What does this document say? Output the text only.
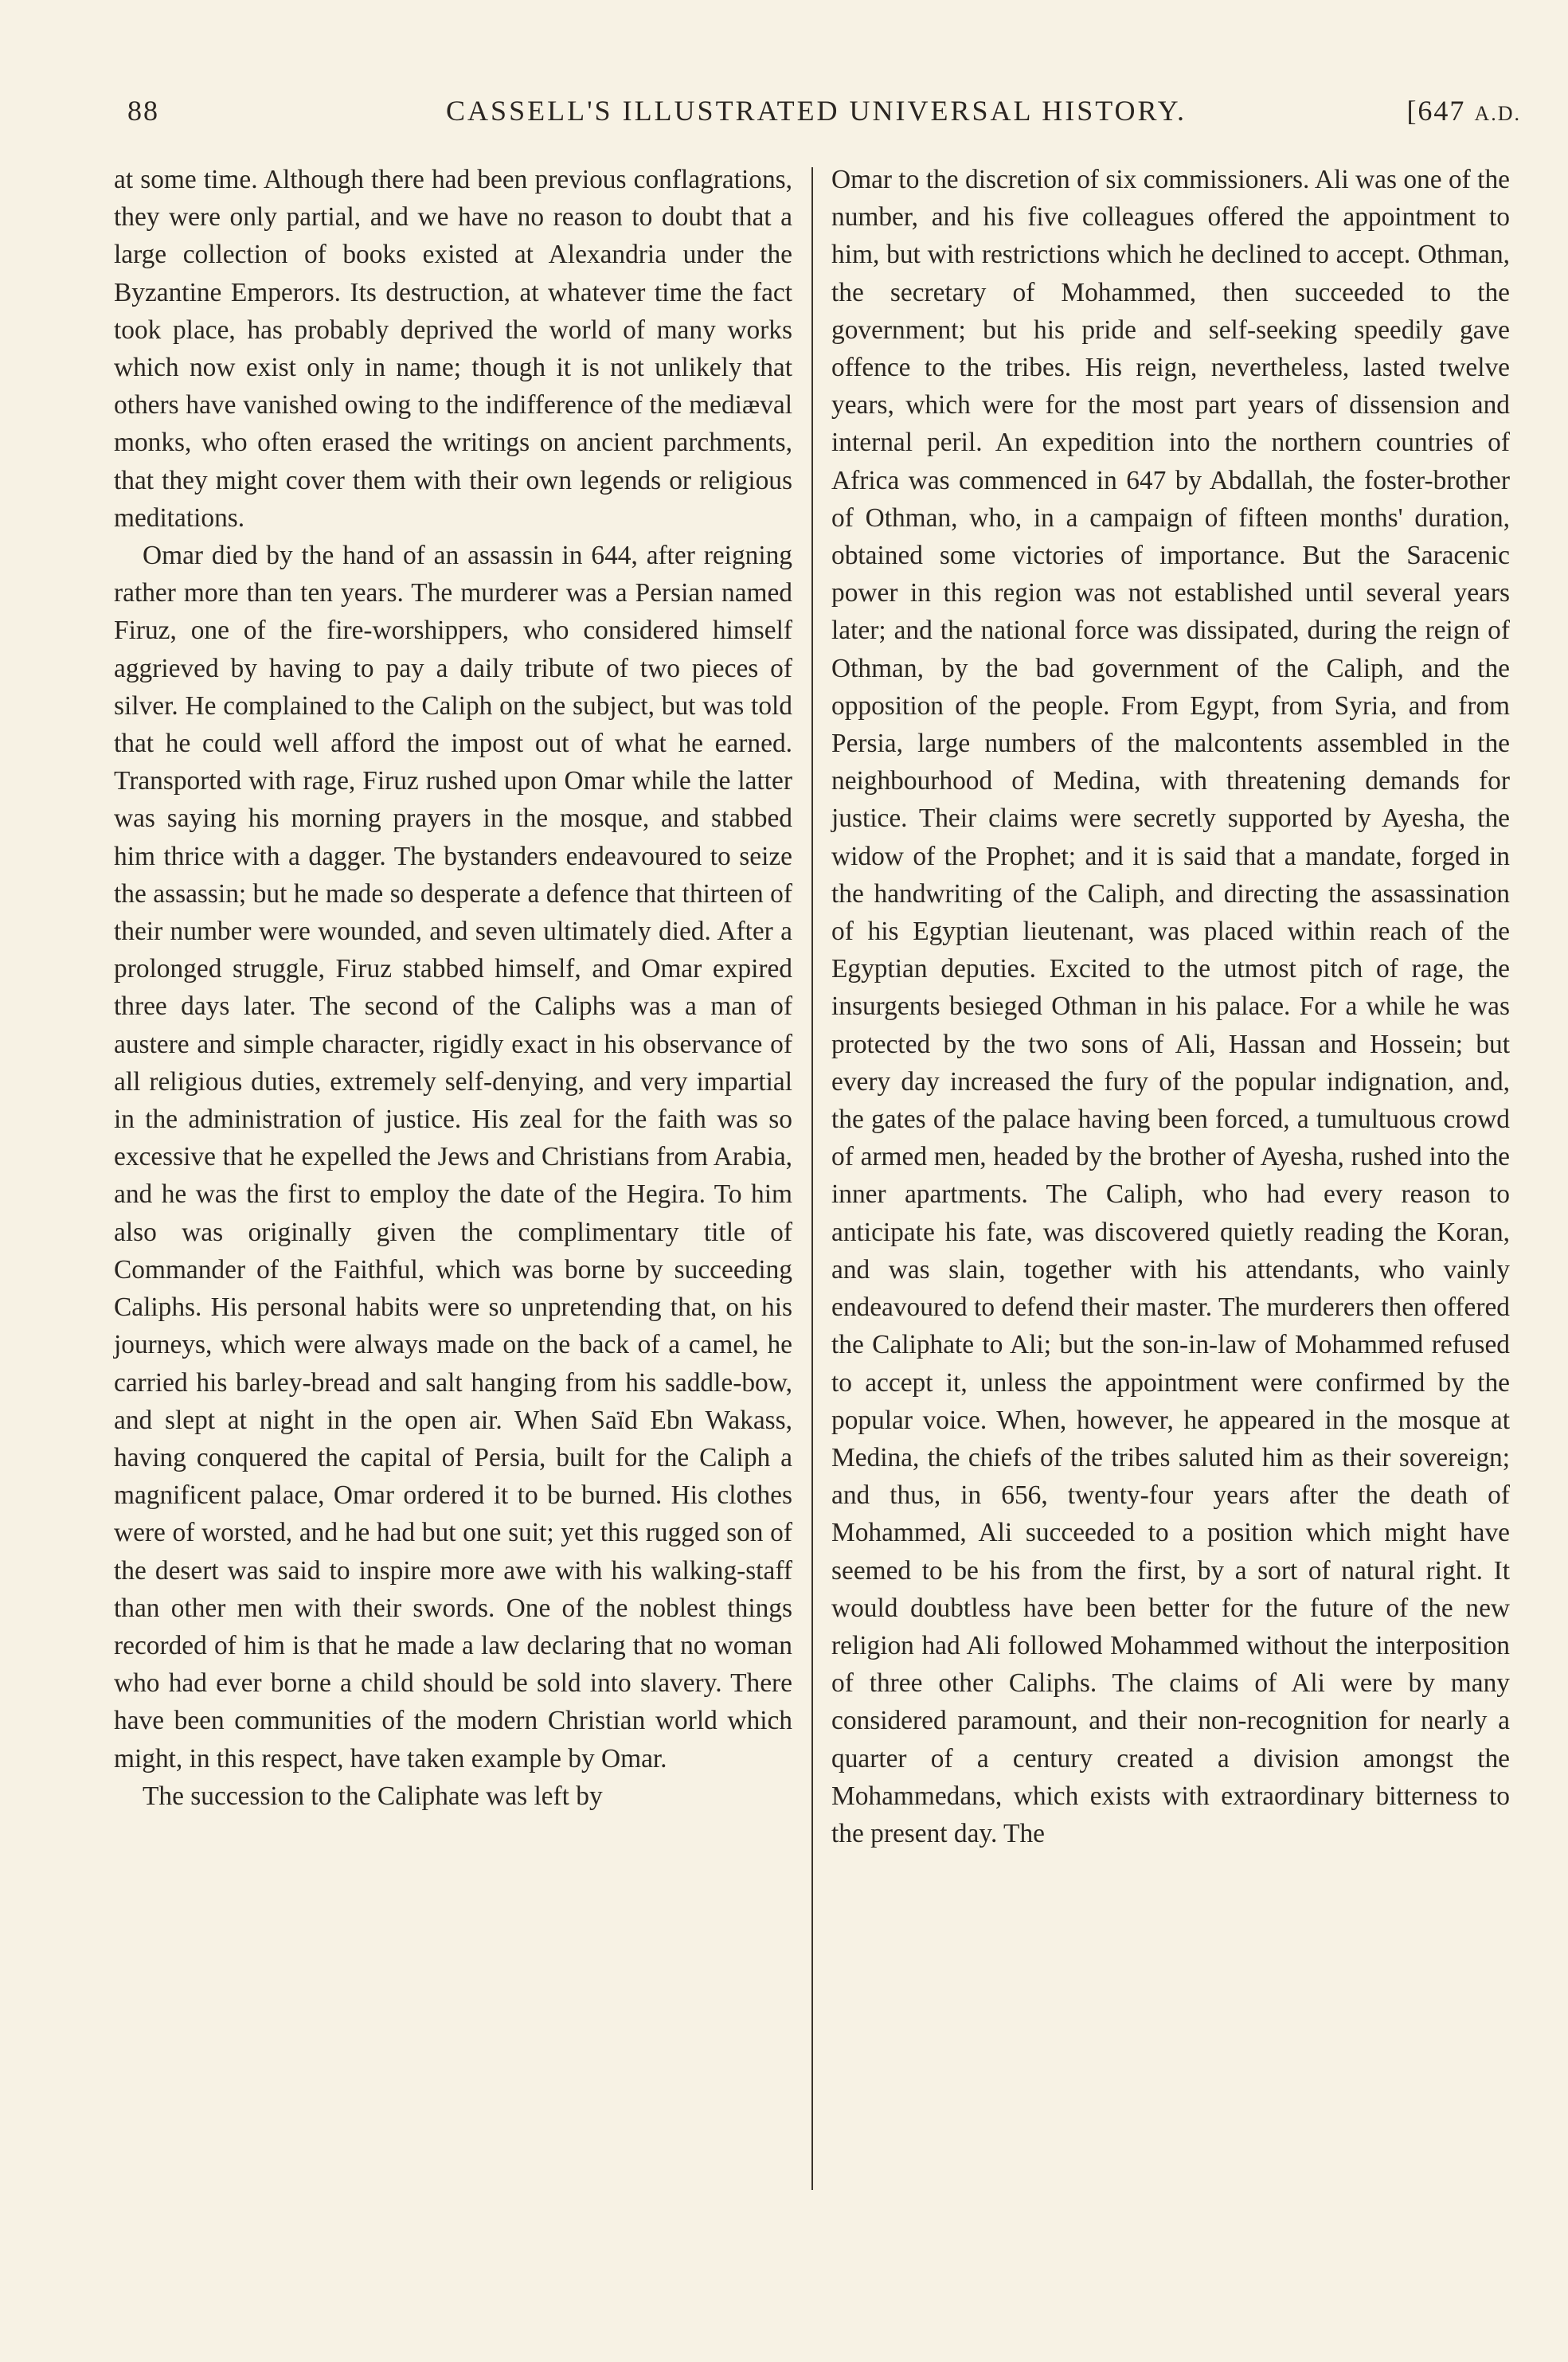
88	CASSELL'S ILLUSTRATED UNIVERSAL HISTORY.	[647 A.D.

at some time. Although there had been previous conflagrations, they were only partial, and we have no reason to doubt that a large collection of books existed at Alexandria under the Byzantine Emperors. Its destruction, at whatever time the fact took place, has probably deprived the world of many works which now exist only in name; though it is not unlikely that others have vanished owing to the indifference of the mediæval monks, who often erased the writings on ancient parchments, that they might cover them with their own legends or religious meditations.

Omar died by the hand of an assassin in 644, after reigning rather more than ten years. The murderer was a Persian named Firuz, one of the fire-worshippers, who considered himself aggrieved by having to pay a daily tribute of two pieces of silver. He complained to the Caliph on the subject, but was told that he could well afford the impost out of what he earned. Transported with rage, Firuz rushed upon Omar while the latter was saying his morning prayers in the mosque, and stabbed him thrice with a dagger. The bystanders endeavoured to seize the assassin; but he made so desperate a defence that thirteen of their number were wounded, and seven ultimately died. After a prolonged struggle, Firuz stabbed himself, and Omar expired three days later. The second of the Caliphs was a man of austere and simple character, rigidly exact in his observance of all religious duties, extremely self-denying, and very impartial in the administration of justice. His zeal for the faith was so excessive that he expelled the Jews and Christians from Arabia, and he was the first to employ the date of the Hegira. To him also was originally given the complimentary title of Commander of the Faithful, which was borne by succeeding Caliphs. His personal habits were so unpretending that, on his journeys, which were always made on the back of a camel, he carried his barley-bread and salt hanging from his saddle-bow, and slept at night in the open air. When Saïd Ebn Wakass, having conquered the capital of Persia, built for the Caliph a magnificent palace, Omar ordered it to be burned. His clothes were of worsted, and he had but one suit; yet this rugged son of the desert was said to inspire more awe with his walking-staff than other men with their swords. One of the noblest things recorded of him is that he made a law declaring that no woman who had ever borne a child should be sold into slavery. There have been communities of the modern Christian world which might, in this respect, have taken example by Omar.

The succession to the Caliphate was left by

Omar to the discretion of six commissioners. Ali was one of the number, and his five colleagues offered the appointment to him, but with restrictions which he declined to accept. Othman, the secretary of Mohammed, then succeeded to the government; but his pride and self-seeking speedily gave offence to the tribes. His reign, nevertheless, lasted twelve years, which were for the most part years of dissension and internal peril. An expedition into the northern countries of Africa was commenced in 647 by Abdallah, the foster-brother of Othman, who, in a campaign of fifteen months' duration, obtained some victories of importance. But the Saracenic power in this region was not established until several years later; and the national force was dissipated, during the reign of Othman, by the bad government of the Caliph, and the opposition of the people. From Egypt, from Syria, and from Persia, large numbers of the malcontents assembled in the neighbourhood of Medina, with threatening demands for justice. Their claims were secretly supported by Ayesha, the widow of the Prophet; and it is said that a mandate, forged in the handwriting of the Caliph, and directing the assassination of his Egyptian lieutenant, was placed within reach of the Egyptian deputies. Excited to the utmost pitch of rage, the insurgents besieged Othman in his palace. For a while he was protected by the two sons of Ali, Hassan and Hossein; but every day increased the fury of the popular indignation, and, the gates of the palace having been forced, a tumultuous crowd of armed men, headed by the brother of Ayesha, rushed into the inner apartments. The Caliph, who had every reason to anticipate his fate, was discovered quietly reading the Koran, and was slain, together with his attendants, who vainly endeavoured to defend their master. The murderers then offered the Caliphate to Ali; but the son-in-law of Mohammed refused to accept it, unless the appointment were confirmed by the popular voice. When, however, he appeared in the mosque at Medina, the chiefs of the tribes saluted him as their sovereign; and thus, in 656, twenty-four years after the death of Mohammed, Ali succeeded to a position which might have seemed to be his from the first, by a sort of natural right. It would doubtless have been better for the future of the new religion had Ali followed Mohammed without the interposition of three other Caliphs. The claims of Ali were by many considered paramount, and their non-recognition for nearly a quarter of a century created a division amongst the Mohammedans, which exists with extraordinary bitterness to the present day. The
